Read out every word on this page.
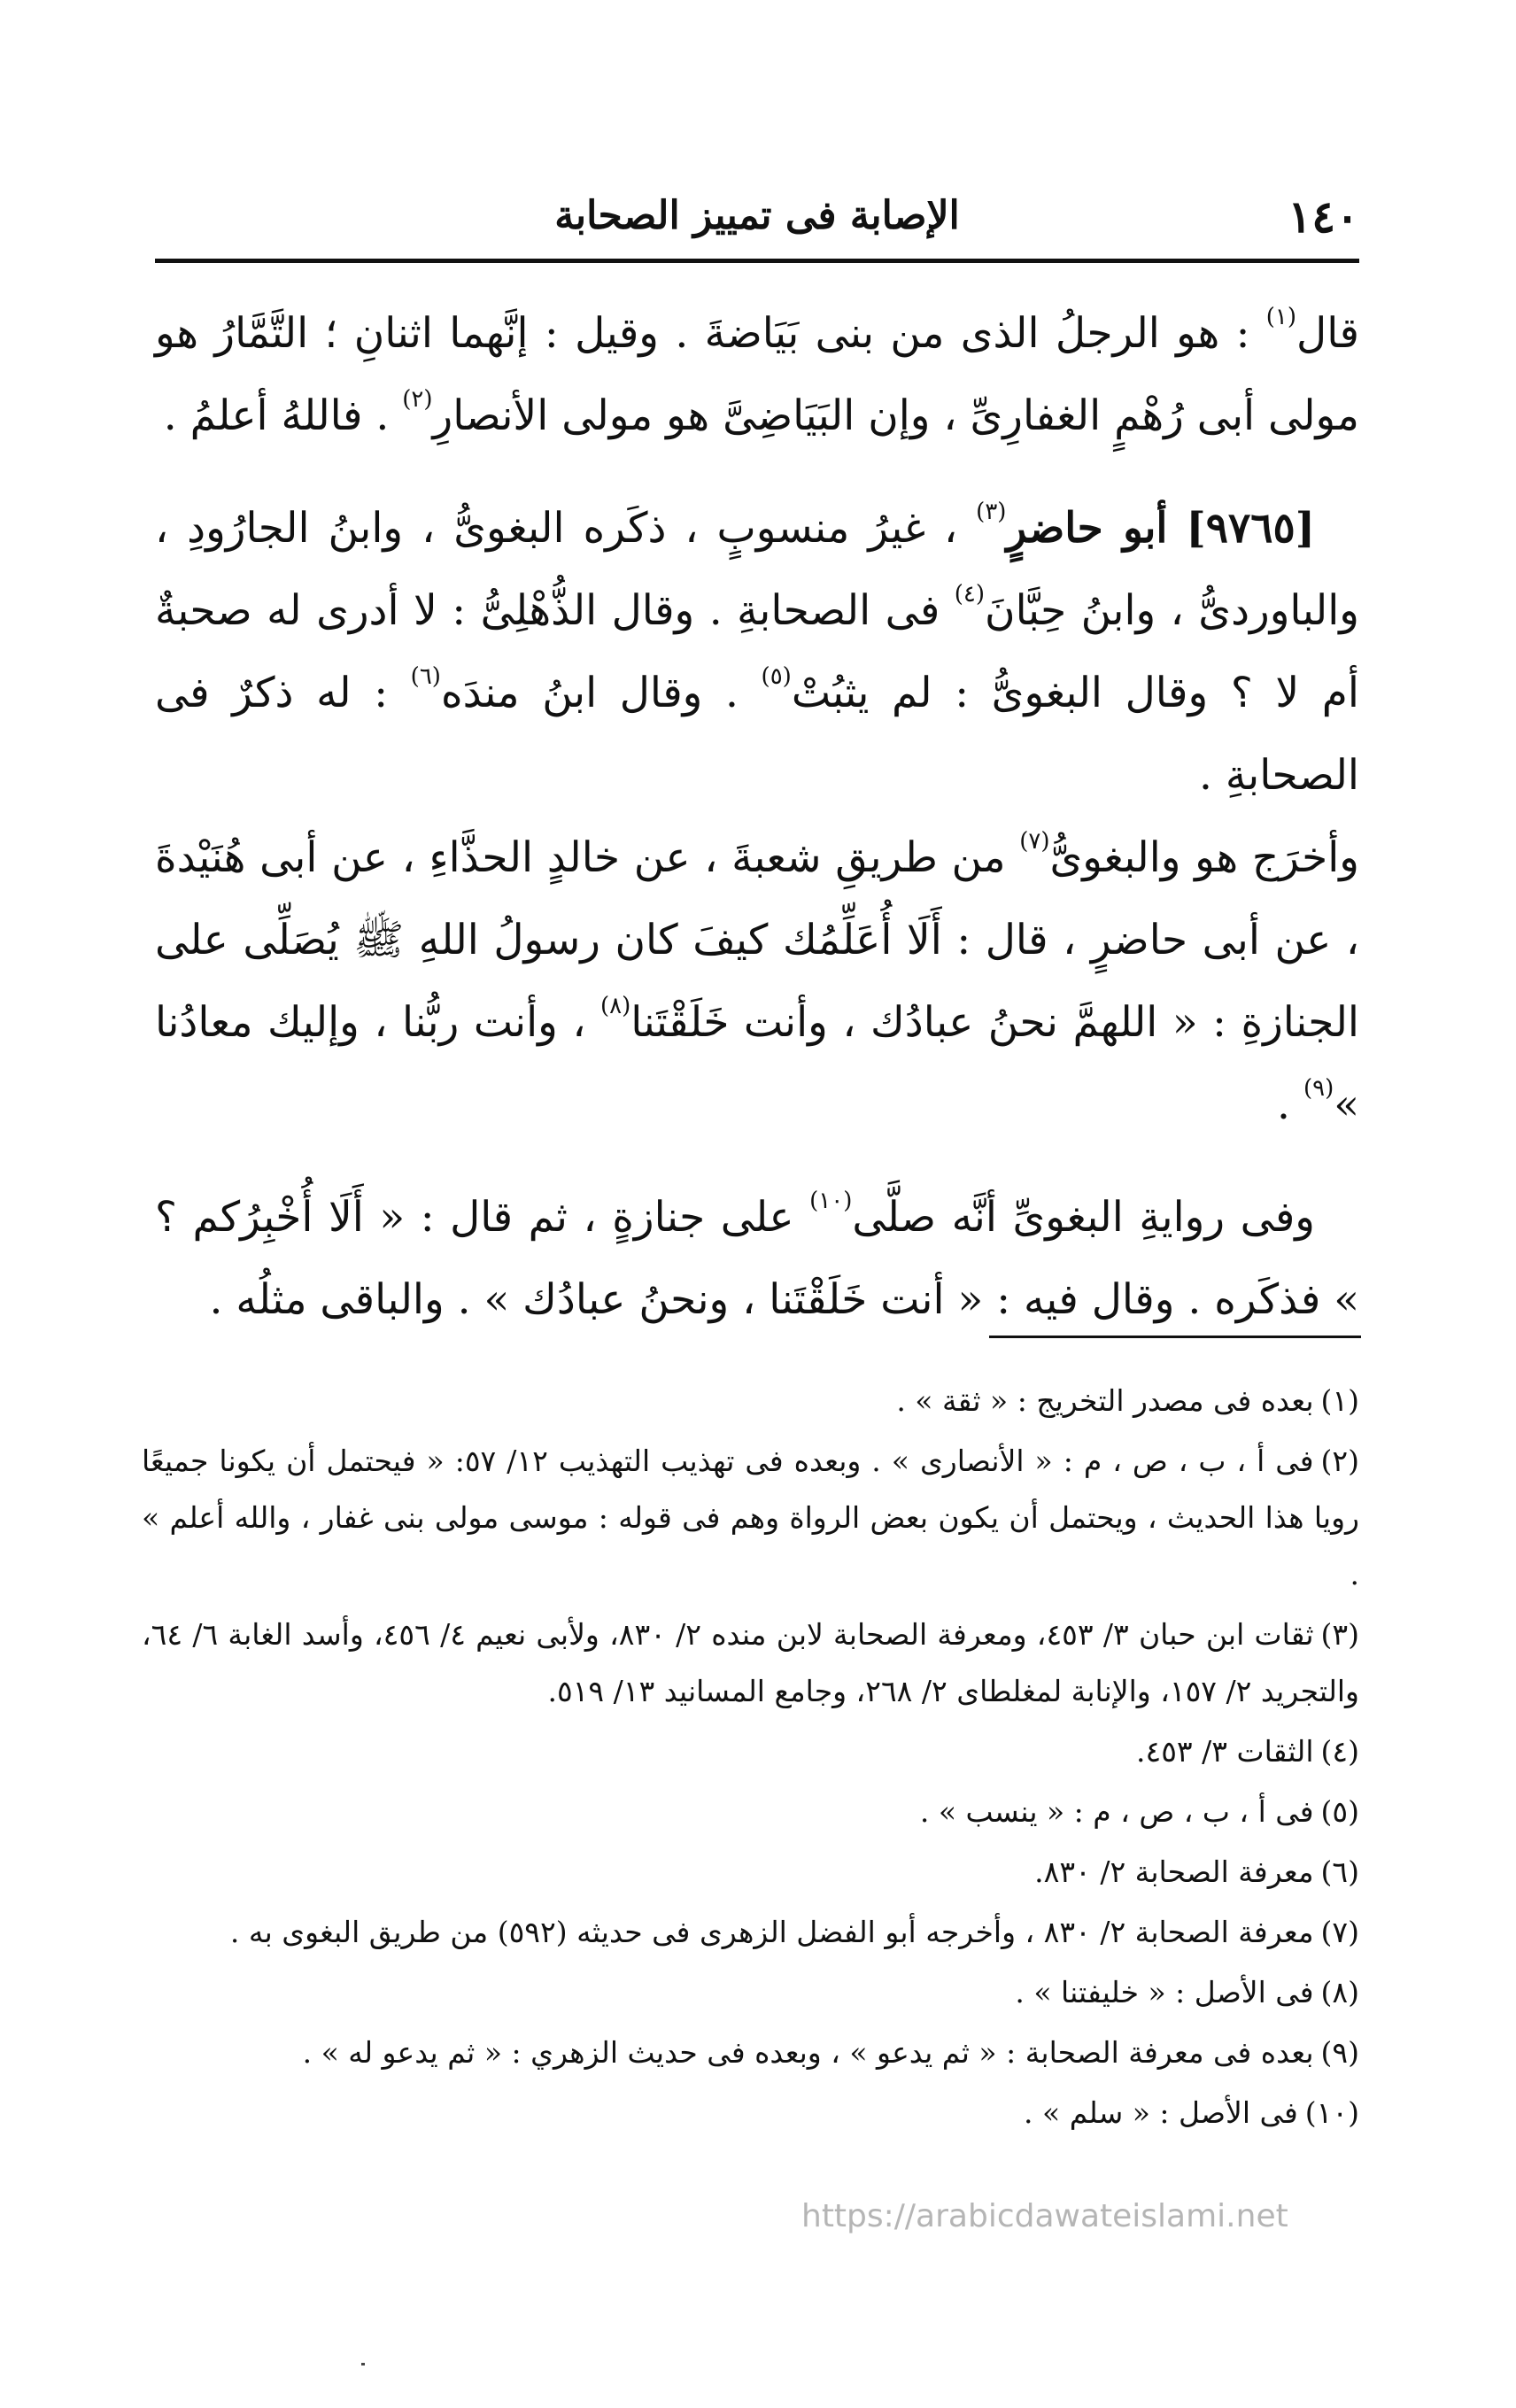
١٤٠
الإصابة فى تمييز الصحابة

قال$^{(١)}$ : هو الرجلُ الذى من بنى بَيَاضةَ . وقيل : إنَّهما اثنانِ ؛ التَّمَّارُ هو مولى أبى رُهْمٍ الغفارِىِّ ، وإن البَيَاضِىَّ هو مولى الأنصارِ$^{(٢)}$ . فاللهُ أعلمُ .

[٩٧٦٥] أبو حاضرٍ$^{(٣)}$ ، غيرُ منسوبٍ ، ذكَره البغوىُّ ، وابنُ الجارُودِ ، والباوردىُّ ، وابنُ حِبَّانَ$^{(٤)}$ فى الصحابةِ . وقال الذُّهْلِىُّ : لا أدرى له صحبةٌ أم لا ؟ وقال البغوىُّ : لم يثبُتْ$^{(٥)}$ . وقال ابنُ مندَه$^{(٦)}$ : له ذكرٌ فى الصحابةِ .
وأخرَج هو والبغوىُّ$^{(٧)}$ من طريقِ شعبةَ ، عن خالدٍ الحذَّاءِ ، عن أبى هُنَيْدةَ ، عن أبى حاضرٍ ، قال : أَلَا أُعَلِّمُك كيفَ كان رسولُ اللهِ ﷺ يُصَلِّى على الجنازةِ : « اللهمَّ نحنُ عبادُك ، وأنت خَلَقْتَنا$^{(٨)}$ ، وأنت ربُّنا ، وإليك معادُنا »$^{(٩)}$ .

وفى روايةِ البغوىِّ أنَّه صلَّى$^{(١٠)}$ على جنازةٍ ، ثم قال : « أَلَا أُخْبِرُكم ؟ » فذكَره . وقال فيه : « أنت خَلَقْتَنا ، ونحنُ عبادُك » . والباقى مثلُه .

(١)بعده فى مصدر التخريج : « ثقة » .

(٢)فى أ ، ب ، ص ، م : « الأنصارى » . وبعده فى تهذيب التهذيب ١٢/ ٥٧: « فيحتمل أن يكونا جميعًا رويا هذا الحديث ، ويحتمل أن يكون بعض الرواة وهم فى قوله : موسى مولى بنى غفار ، والله أعلم » .

(٣)ثقات ابن حبان ٣/ ٤٥٣، ومعرفة الصحابة لابن منده ٢/ ٨٣٠، ولأبى نعيم ٤/ ٤٥٦، وأسد الغابة ٦/ ٦٤، والتجريد ٢/ ١٥٧، والإنابة لمغلطاى ٢/ ٢٦٨، وجامع المسانيد ١٣/ ٥١٩.

(٤)الثقات ٣/ ٤٥٣.

(٥)فى أ ، ب ، ص ، م : « ينسب » .

(٦)معرفة الصحابة ٢/ ٨٣٠.

(٧)معرفة الصحابة ٢/ ٨٣٠ ، وأخرجه أبو الفضل الزهرى فى حديثه (٥٩٢) من طريق البغوى به .

(٨)فى الأصل : « خليفتنا » .

(٩)بعده فى معرفة الصحابة : « ثم يدعو » ، وبعده فى حديث الزهري : « ثم يدعو له » .

(١٠)فى الأصل : « سلم » .

https://arabicdawateislami.net
